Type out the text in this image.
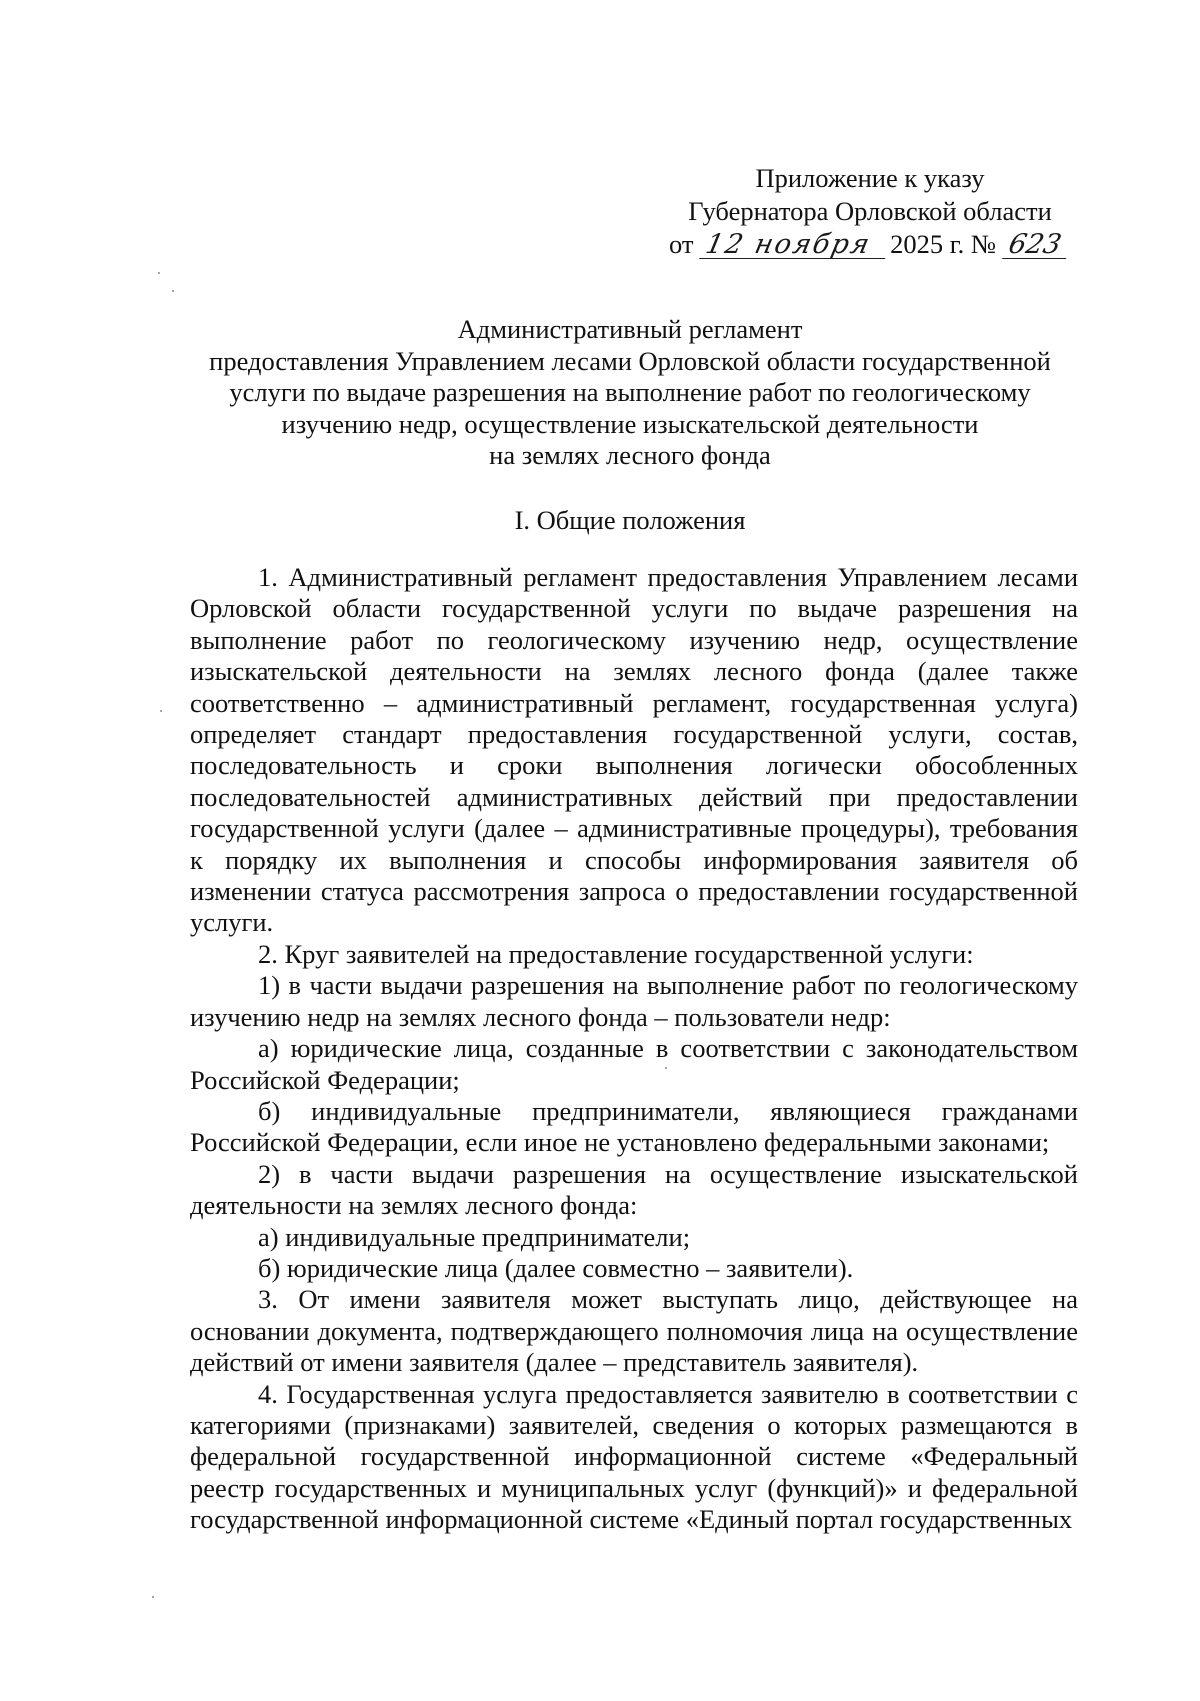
Приложение к указу
Губернатора Орловской области
от 12 ноября 2025 г. № 623
Административный регламент
предоставления Управлением лесами Орловской области государственной
услуги по выдаче разрешения на выполнение работ по геологическому
изучению недр, осуществление изыскательской деятельности
на землях лесного фонда
I. Общие положения

1. Административный регламент предоставления Управлением лесами Орловской области государственной услуги по выдаче разрешения на выполнение работ по геологическому изучению недр, осуществление изыскательской деятельности на землях лесного фонда (далее также соответственно – административный регламент, государственная услуга) определяет стандарт предоставления государственной услуги, состав, последовательность и сроки выполнения логически обособленных последовательностей административных действий при предоставлении государственной услуги (далее – административные процедуры), требования к порядку их выполнения и способы информирования заявителя об изменении статуса рассмотрения запроса о предоставлении государственной услуги.

2. Круг заявителей на предоставление государственной услуги:

1) в части выдачи разрешения на выполнение работ по геологическому изучению недр на землях лесного фонда – пользователи недр:

а) юридические лица, созданные в соответствии с законодательством Российской Федерации;

б) индивидуальные предприниматели, являющиеся гражданами Российской Федерации, если иное не установлено федеральными законами;

2) в части выдачи разрешения на осуществление изыскательской деятельности на землях лесного фонда:

а) индивидуальные предприниматели;

б) юридические лица (далее совместно – заявители).

3. От имени заявителя может выступать лицо, действующее на основании документа, подтверждающего полномочия лица на осуществление действий от имени заявителя (далее – представитель заявителя).

4. Государственная услуга предоставляется заявителю в соответствии с категориями (признаками) заявителей, сведения о которых размещаются в федеральной государственной информационной системе «Федеральный реестр государственных и муниципальных услуг (функций)» и федеральной государственной информационной системе «Единый портал государственных
